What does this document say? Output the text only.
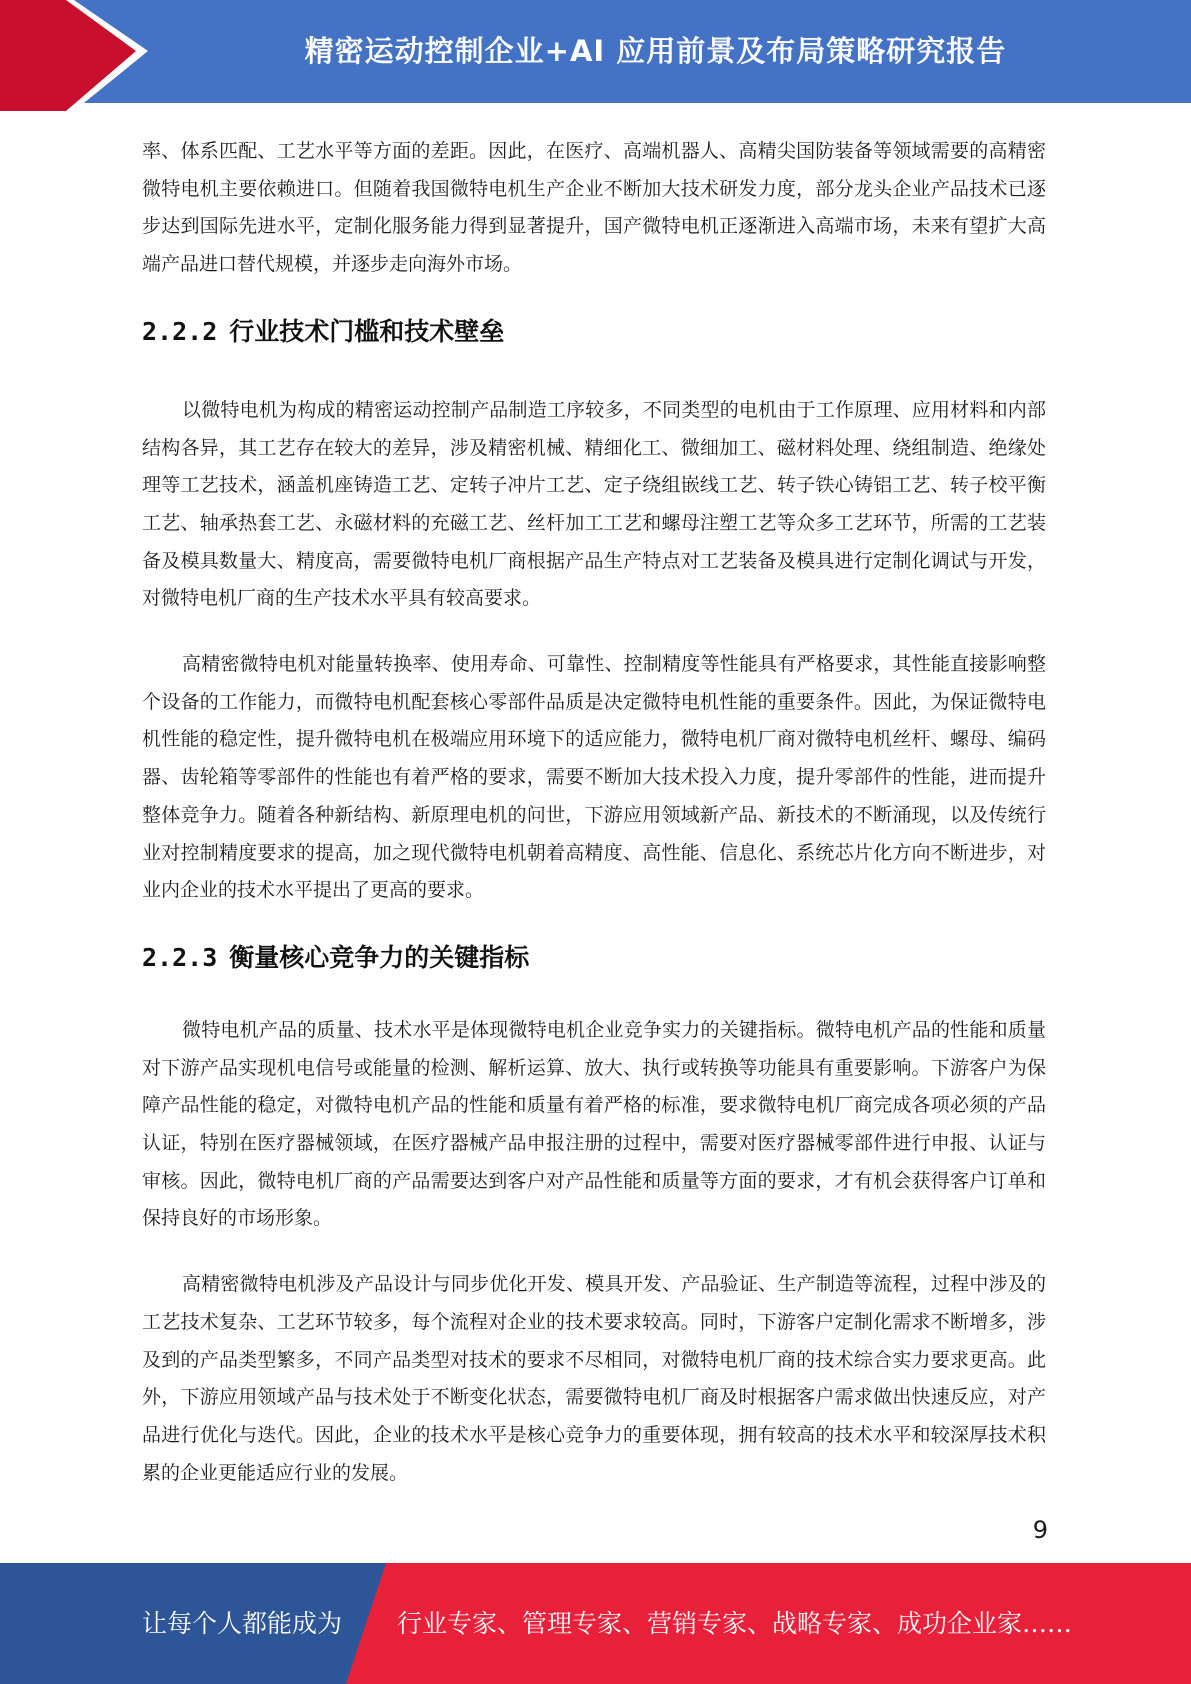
精密运动控制企业+AI 应用前景及布局策略研究报告

率、体系匹配、工艺水平等方面的差距。因此，在医疗、高端机器人、高精尖国防装备等领域需要的高精密微特电机主要依赖进口。但随着我国微特电机生产企业不断加大技术研发力度，部分龙头企业产品技术已逐步达到国际先进水平，定制化服务能力得到显著提升，国产微特电机正逐渐进入高端市场，未来有望扩大高端产品进口替代规模，并逐步走向海外市场。

2.2.2 行业技术门槛和技术壁垒

以微特电机为构成的精密运动控制产品制造工序较多，不同类型的电机由于工作原理、应用材料和内部结构各异，其工艺存在较大的差异，涉及精密机械、精细化工、微细加工、磁材料处理、绕组制造、绝缘处理等工艺技术，涵盖机座铸造工艺、定转子冲片工艺、定子绕组嵌线工艺、转子铁心铸铝工艺、转子校平衡工艺、轴承热套工艺、永磁材料的充磁工艺、丝杆加工工艺和螺母注塑工艺等众多工艺环节，所需的工艺装备及模具数量大、精度高，需要微特电机厂商根据产品生产特点对工艺装备及模具进行定制化调试与开发，对微特电机厂商的生产技术水平具有较高要求。

高精密微特电机对能量转换率、使用寿命、可靠性、控制精度等性能具有严格要求，其性能直接影响整个设备的工作能力，而微特电机配套核心零部件品质是决定微特电机性能的重要条件。因此，为保证微特电机性能的稳定性，提升微特电机在极端应用环境下的适应能力，微特电机厂商对微特电机丝杆、螺母、编码器、齿轮箱等零部件的性能也有着严格的要求，需要不断加大技术投入力度，提升零部件的性能，进而提升整体竞争力。随着各种新结构、新原理电机的问世，下游应用领域新产品、新技术的不断涌现，以及传统行业对控制精度要求的提高，加之现代微特电机朝着高精度、高性能、信息化、系统芯片化方向不断进步，对业内企业的技术水平提出了更高的要求。

2.2.3 衡量核心竞争力的关键指标

微特电机产品的质量、技术水平是体现微特电机企业竞争实力的关键指标。微特电机产品的性能和质量对下游产品实现机电信号或能量的检测、解析运算、放大、执行或转换等功能具有重要影响。下游客户为保障产品性能的稳定，对微特电机产品的性能和质量有着严格的标准，要求微特电机厂商完成各项必须的产品认证，特别在医疗器械领域，在医疗器械产品申报注册的过程中，需要对医疗器械零部件进行申报、认证与审核。因此，微特电机厂商的产品需要达到客户对产品性能和质量等方面的要求，才有机会获得客户订单和保持良好的市场形象。

高精密微特电机涉及产品设计与同步优化开发、模具开发、产品验证、生产制造等流程，过程中涉及的工艺技术复杂、工艺环节较多，每个流程对企业的技术要求较高。同时，下游客户定制化需求不断增多，涉及到的产品类型繁多，不同产品类型对技术的要求不尽相同，对微特电机厂商的技术综合实力要求更高。此外，下游应用领域产品与技术处于不断变化状态，需要微特电机厂商及时根据客户需求做出快速反应，对产品进行优化与迭代。因此，企业的技术水平是核心竞争力的重要体现，拥有较高的技术水平和较深厚技术积累的企业更能适应行业的发展。

9
让每个人都能成为 行业专家、管理专家、营销专家、战略专家、成功企业家……
